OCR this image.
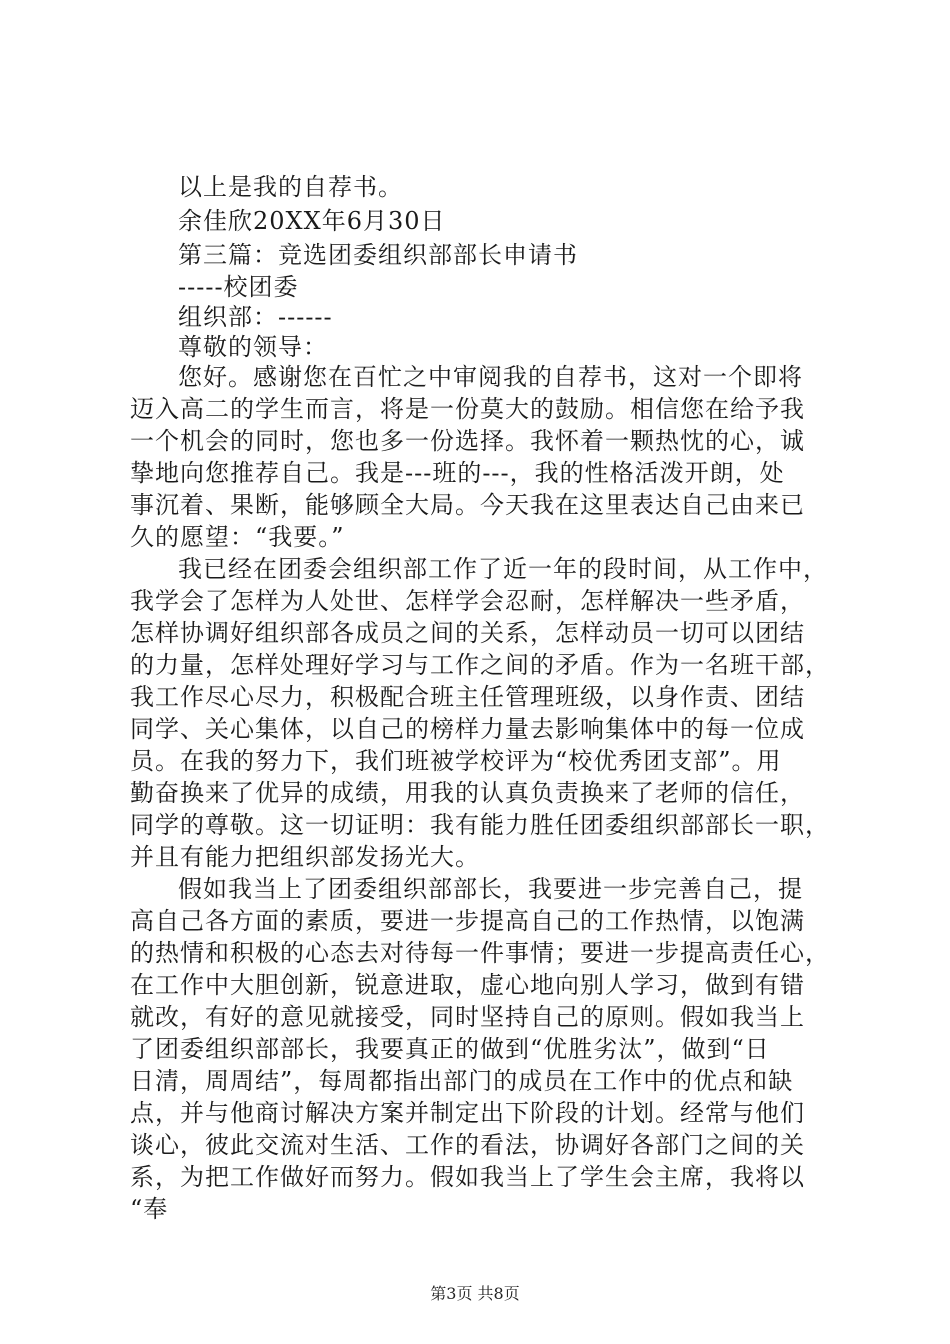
以上是我的自荐书。
余佳欣20XX年6月30日
第三篇：竞选团委组织部部长申请书
-----校团委
组织部：------
尊敬的领导：
您好。感谢您在百忙之中审阅我的自荐书，这对一个即将
迈入高二的学生而言，将是一份莫大的鼓励。相信您在给予我
一个机会的同时，您也多一份选择。我怀着一颗热忱的心，诚
挚地向您推荐自己。我是---班的---，我的性格活泼开朗，处
事沉着、果断，能够顾全大局。今天我在这里表达自己由来已
久的愿望：“我要。”
我已经在团委会组织部工作了近一年的段时间，从工作中，
我学会了怎样为人处世、怎样学会忍耐，怎样解决一些矛盾，
怎样协调好组织部各成员之间的关系，怎样动员一切可以团结
的力量，怎样处理好学习与工作之间的矛盾。作为一名班干部，
我工作尽心尽力，积极配合班主任管理班级，以身作责、团结
同学、关心集体，以自己的榜样力量去影响集体中的每一位成
员。在我的努力下，我们班被学校评为“校优秀团支部”。用
勤奋换来了优异的成绩，用我的认真负责换来了老师的信任，
同学的尊敬。这一切证明：我有能力胜任团委组织部部长一职，
并且有能力把组织部发扬光大。
假如我当上了团委组织部部长，我要进一步完善自己，提
高自己各方面的素质，要进一步提高自己的工作热情，以饱满
的热情和积极的心态去对待每一件事情；要进一步提高责任心，
在工作中大胆创新，锐意进取，虚心地向别人学习，做到有错
就改，有好的意见就接受，同时坚持自己的原则。假如我当上
了团委组织部部长，我要真正的做到“优胜劣汰”，做到“日
日清，周周结”，每周都指出部门的成员在工作中的优点和缺
点，并与他商讨解决方案并制定出下阶段的计划。经常与他们
谈心，彼此交流对生活、工作的看法，协调好各部门之间的关
系，为把工作做好而努力。假如我当上了学生会主席，我将以
“奉
第3页 共8页
